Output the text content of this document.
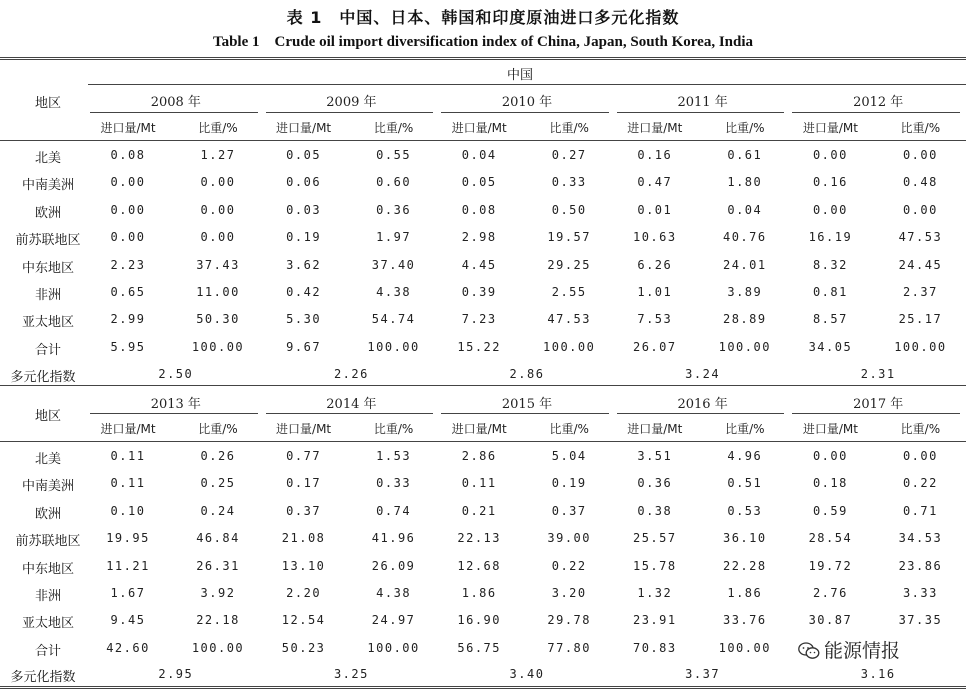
表 1　中国、日本、韩国和印度原油进口多元化指数
Table 1　Crude oil import diversification index of China, Japan, South Korea, India
中国
地区	2008 年
进口量/Mt	比重/%
2009 年
进口量/Mt	比重/%
2010 年
进口量/Mt	比重/%
2011 年
进口量/Mt	比重/%
2012 年
进口量/Mt	比重/%
北美	0.08	1.27	0.05	0.55	0.04	0.27	0.16	0.61	0.00	0.00
中南美洲	0.00	0.00	0.06	0.60	0.05	0.33	0.47	1.80	0.16	0.48
欧洲	0.00	0.00	0.03	0.36	0.08	0.50	0.01	0.04	0.00	0.00
前苏联地区	0.00	0.00	0.19	1.97	2.98	19.57	10.63	40.76	16.19	47.53
中东地区	2.23	37.43	3.62	37.40	4.45	29.25	6.26	24.01	8.32	24.45
非洲	0.65	11.00	0.42	4.38	0.39	2.55	1.01	3.89	0.81	2.37
亚太地区	2.99	50.30	5.30	54.74	7.23	47.53	7.53	28.89	8.57	25.17
合计	5.95	100.00	9.67	100.00	15.22	100.00	26.07	100.00	34.05	100.00
多元化指数	2.50	2.26	2.86	3.24	2.31
地区
2013 年
进口量/Mt	比重/%
2014 年
进口量/Mt	比重/%
2015 年
进口量/Mt	比重/%
2016 年
进口量/Mt	比重/%
2017 年
进口量/Mt	比重/%
北美	0.11	0.26	0.77	1.53	2.86	5.04	3.51	4.96	0.00	0.00
中南美洲	0.11	0.25	0.17	0.33	0.11	0.19	0.36	0.51	0.18	0.22
欧洲	0.10	0.24	0.37	0.74	0.21	0.37	0.38	0.53	0.59	0.71
前苏联地区	19.95	46.84	21.08	41.96	22.13	39.00	25.57	36.10	28.54	34.53
中东地区	11.21	26.31	13.10	26.09	12.68	0.22	15.78	22.28	19.72	23.86
非洲	1.67	3.92	2.20	4.38	1.86	3.20	1.32	1.86	2.76	3.33
亚太地区	9.45	22.18	12.54	24.97	16.90	29.78	23.91	33.76	30.87	37.35
合计	42.60	100.00	50.23	100.00	56.75	77.80	70.83	100.00
多元化指数	2.95	3.25	3.40	3.37	3.16
能源情报
